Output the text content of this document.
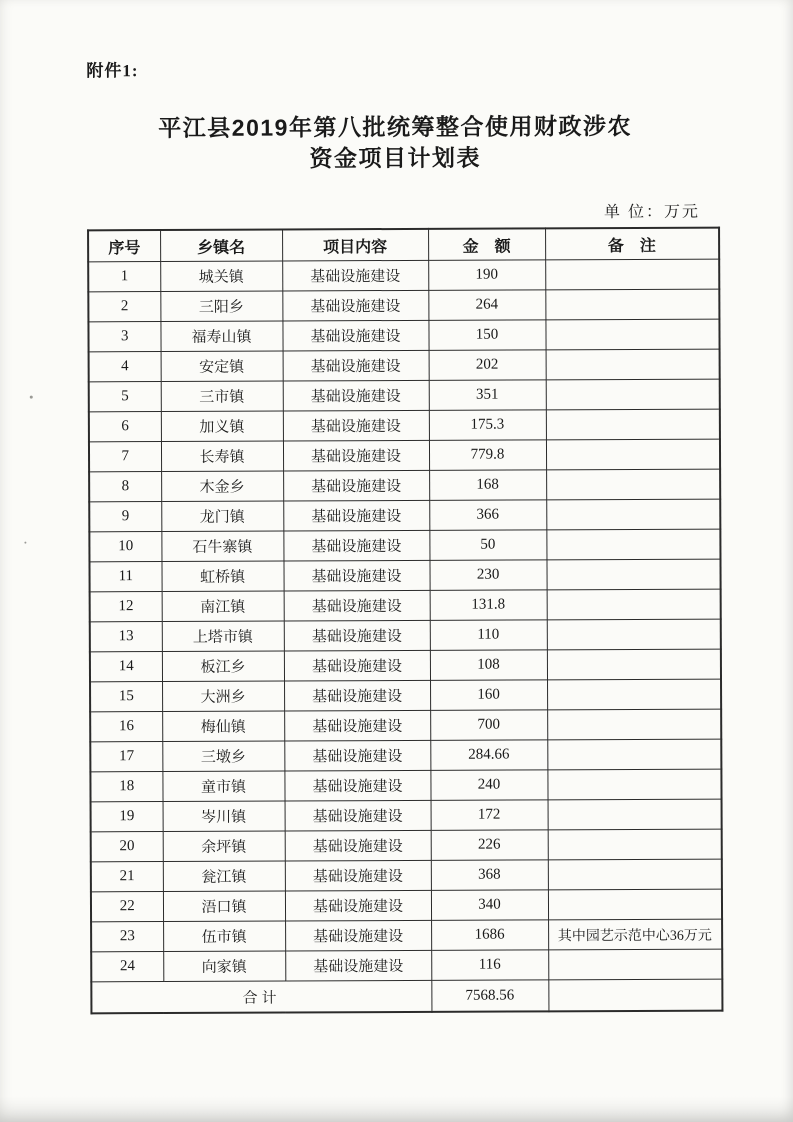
附件1:
平江县2019年第八批统筹整合使用财政涉农
资金项目计划表
单 位：万元
序号	乡镇名	项目内容	金　额	备　注
1	城关镇	基础设施建设	190	
2	三阳乡	基础设施建设	264	
3	福寿山镇	基础设施建设	150	
4	安定镇	基础设施建设	202	
5	三市镇	基础设施建设	351	
6	加义镇	基础设施建设	175.3	
7	长寿镇	基础设施建设	779.8	
8	木金乡	基础设施建设	168	
9	龙门镇	基础设施建设	366	
10	石牛寨镇	基础设施建设	50	
11	虹桥镇	基础设施建设	230	
12	南江镇	基础设施建设	131.8	
13	上塔市镇	基础设施建设	110	
14	板江乡	基础设施建设	108	
15	大洲乡	基础设施建设	160	
16	梅仙镇	基础设施建设	700	
17	三墩乡	基础设施建设	284.66	
18	童市镇	基础设施建设	240	
19	岑川镇	基础设施建设	172	
20	余坪镇	基础设施建设	226	
21	瓮江镇	基础设施建设	368	
22	浯口镇	基础设施建设	340	
23	伍市镇	基础设施建设	1686	其中园艺示范中心36万元
24	向家镇	基础设施建设	116	
合计			7568.56	
